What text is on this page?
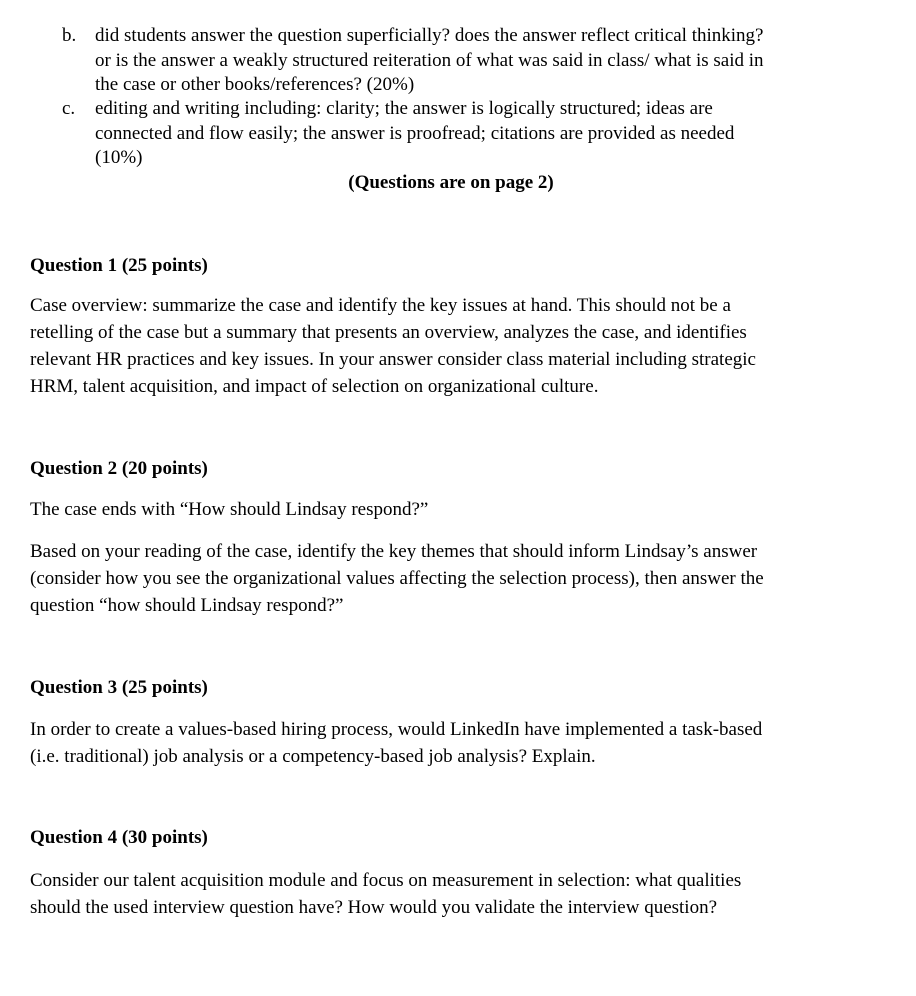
b. did students answer the question superficially? does the answer reflect critical thinking?
or is the answer a weakly structured reiteration of what was said in class/ what is said in
the case or other books/references? (20%)
c. editing and writing including: clarity; the answer is logically structured; ideas are
connected and flow easily; the answer is proofread; citations are provided as needed
(10%)
(Questions are on page 2)
Question 1 (25 points)
Case overview: summarize the case and identify the key issues at hand. This should not be a
retelling of the case but a summary that presents an overview, analyzes the case, and identifies
relevant HR practices and key issues. In your answer consider class material including strategic
HRM, talent acquisition, and impact of selection on organizational culture.
Question 2 (20 points)
The case ends with “How should Lindsay respond?”
Based on your reading of the case, identify the key themes that should inform Lindsay’s answer
(consider how you see the organizational values affecting the selection process), then answer the
question “how should Lindsay respond?”
Question 3 (25 points)
In order to create a values-based hiring process, would LinkedIn have implemented a task-based
(i.e. traditional) job analysis or a competency-based job analysis? Explain.
Question 4 (30 points)
Consider our talent acquisition module and focus on measurement in selection: what qualities
should the used interview question have? How would you validate the interview question?
